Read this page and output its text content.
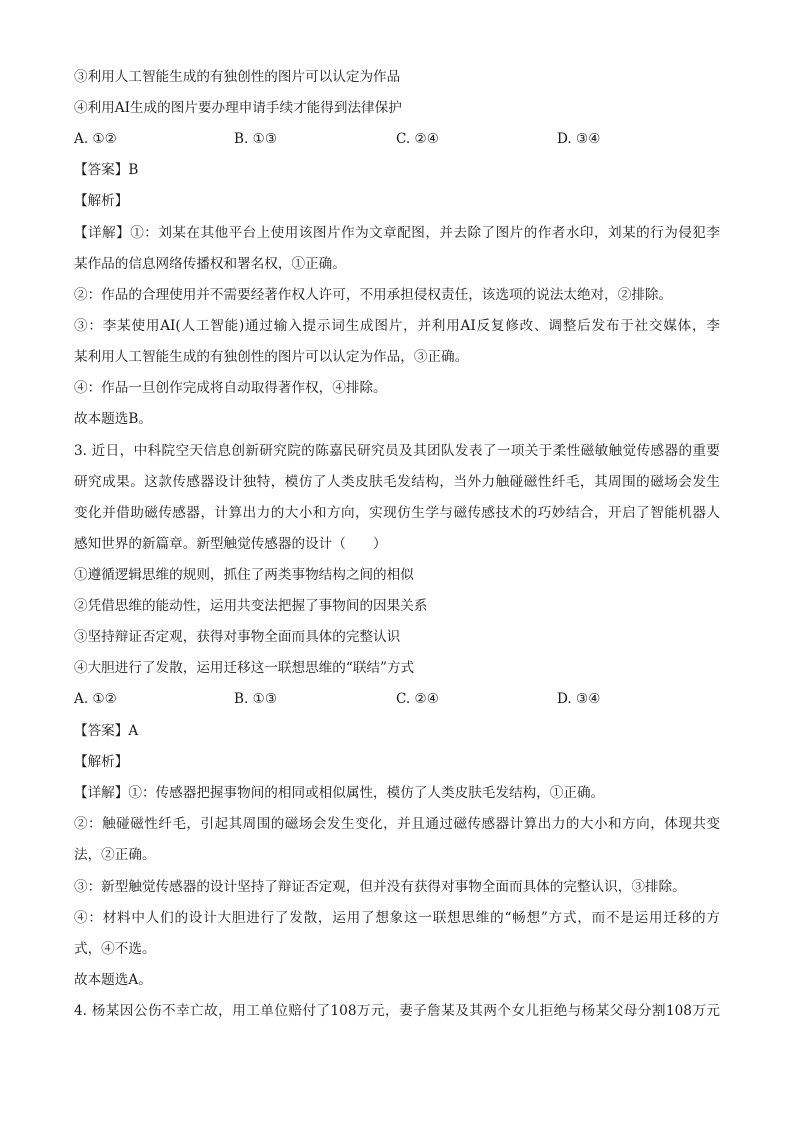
③利用人工智能生成的有独创性的图片可以认定为作品
④利用AI生成的图片要办理申请手续才能得到法律保护
A. ①②	B. ①③	C. ②④	D. ③④
【答案】B
【解析】
【详解】①：刘某在其他平台上使用该图片作为文章配图，并去除了图片的作者水印，刘某的行为侵犯李
某作品的信息网络传播权和署名权，①正确。
②：作品的合理使用并不需要经著作权人许可，不用承担侵权责任，该选项的说法太绝对，②排除。
③：李某使用AI(人工智能)通过输入提示词生成图片，并利用AI反复修改、调整后发布于社交媒体，李
某利用人工智能生成的有独创性的图片可以认定为作品，③正确。
④：作品一旦创作完成将自动取得著作权，④排除。
故本题选B。
3. 近日，中科院空天信息创新研究院的陈嘉民研究员及其团队发表了一项关于柔性磁敏触觉传感器的重要
研究成果。这款传感器设计独特，模仿了人类皮肤毛发结构，当外力触碰磁性纤毛，其周围的磁场会发生
变化并借助磁传感器，计算出力的大小和方向，实现仿生学与磁传感技术的巧妙结合，开启了智能机器人
感知世界的新篇章。新型触觉传感器的设计（　　）
①遵循逻辑思维的规则，抓住了两类事物结构之间的相似
②凭借思维的能动性，运用共变法把握了事物间的因果关系
③坚持辩证否定观，获得对事物全面而具体的完整认识
④大胆进行了发散，运用迁移这一联想思维的“联结”方式
A. ①②	B. ①③	C. ②④	D. ③④
【答案】A
【解析】
【详解】①：传感器把握事物间的相同或相似属性，模仿了人类皮肤毛发结构，①正确。
②：触碰磁性纤毛，引起其周围的磁场会发生变化，并且通过磁传感器计算出力的大小和方向，体现共变
法，②正确。
③：新型触觉传感器的设计坚持了辩证否定观，但并没有获得对事物全面而具体的完整认识，③排除。
④：材料中人们的设计大胆进行了发散，运用了想象这一联想思维的“畅想”方式，而不是运用迁移的方
式，④不选。
故本题选A。
4. 杨某因公伤不幸亡故，用工单位赔付了108万元，妻子詹某及其两个女儿拒绝与杨某父母分割108万元
